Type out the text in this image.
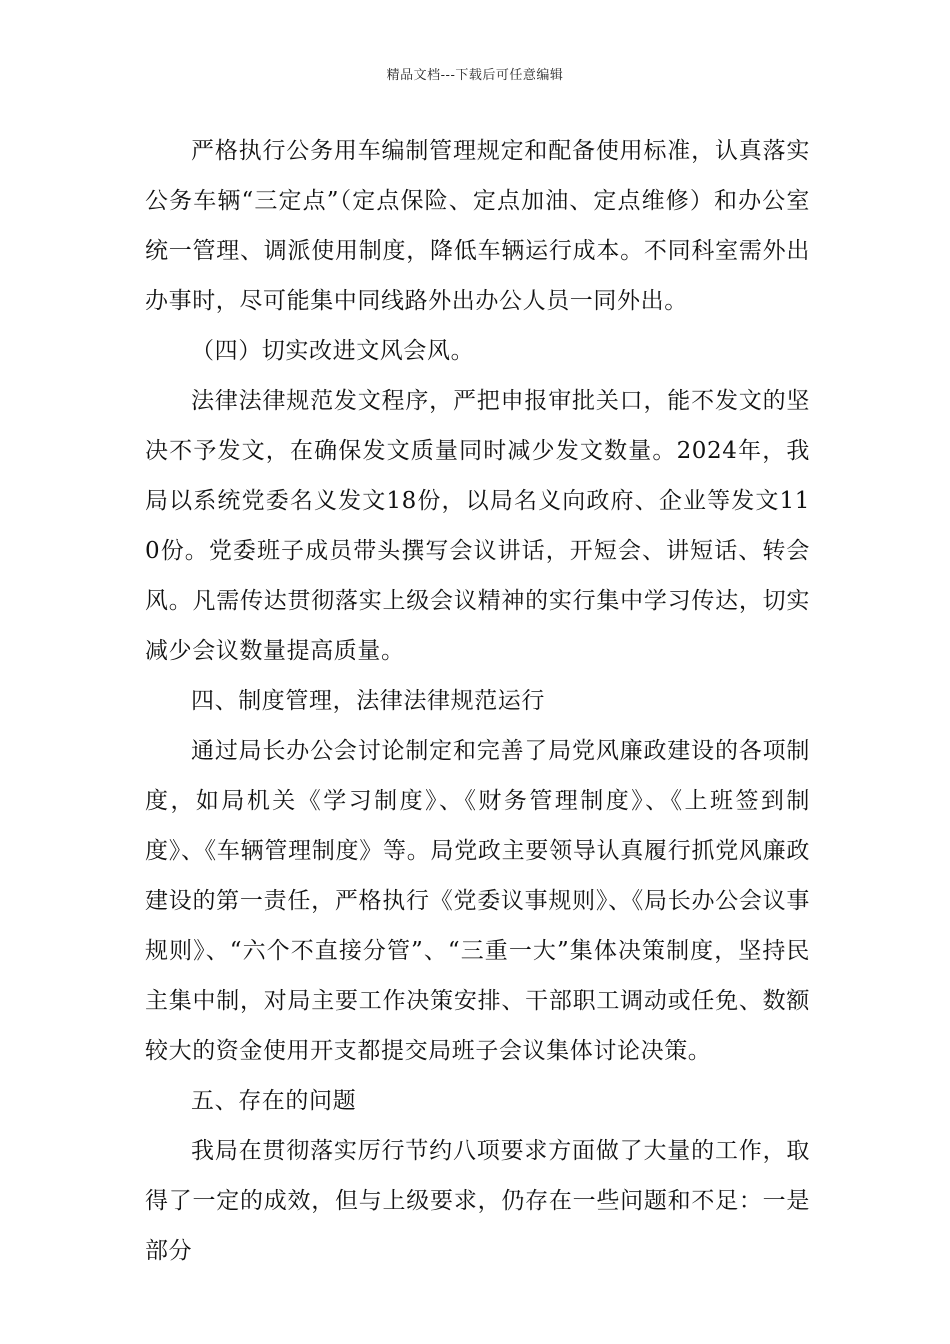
精品文档---下载后可任意编辑

严格执行公务用车编制管理规定和配备使用标准，认真落实公务车辆“三定点”（定点保险、定点加油、定点维修）和办公室统一管理、调派使用制度，降低车辆运行成本。不同科室需外出办事时，尽可能集中同线路外出办公人员一同外出。

（四）切实改进文风会风。

法律法律规范发文程序，严把申报审批关口，能不发文的坚决不予发文，在确保发文质量同时减少发文数量。2024年，我局以系统党委名义发文18份，以局名义向政府、企业等发文110份。党委班子成员带头撰写会议讲话，开短会、讲短话、转会风。凡需传达贯彻落实上级会议精神的实行集中学习传达，切实减少会议数量提高质量。

四、制度管理，法律法律规范运行

通过局长办公会讨论制定和完善了局党风廉政建设的各项制度，如局机关《学习制度》、《财务管理制度》、《上班签到制度》、《车辆管理制度》等。局党政主要领导认真履行抓党风廉政建设的第一责任，严格执行《党委议事规则》、《局长办公会议事规则》、“六个不直接分管”、“三重一大”集体决策制度，坚持民主集中制，对局主要工作决策安排、干部职工调动或任免、数额较大的资金使用开支都提交局班子会议集体讨论决策。

五、存在的问题

我局在贯彻落实厉行节约八项要求方面做了大量的工作，取得了一定的成效，但与上级要求，仍存在一些问题和不足：一是部分
